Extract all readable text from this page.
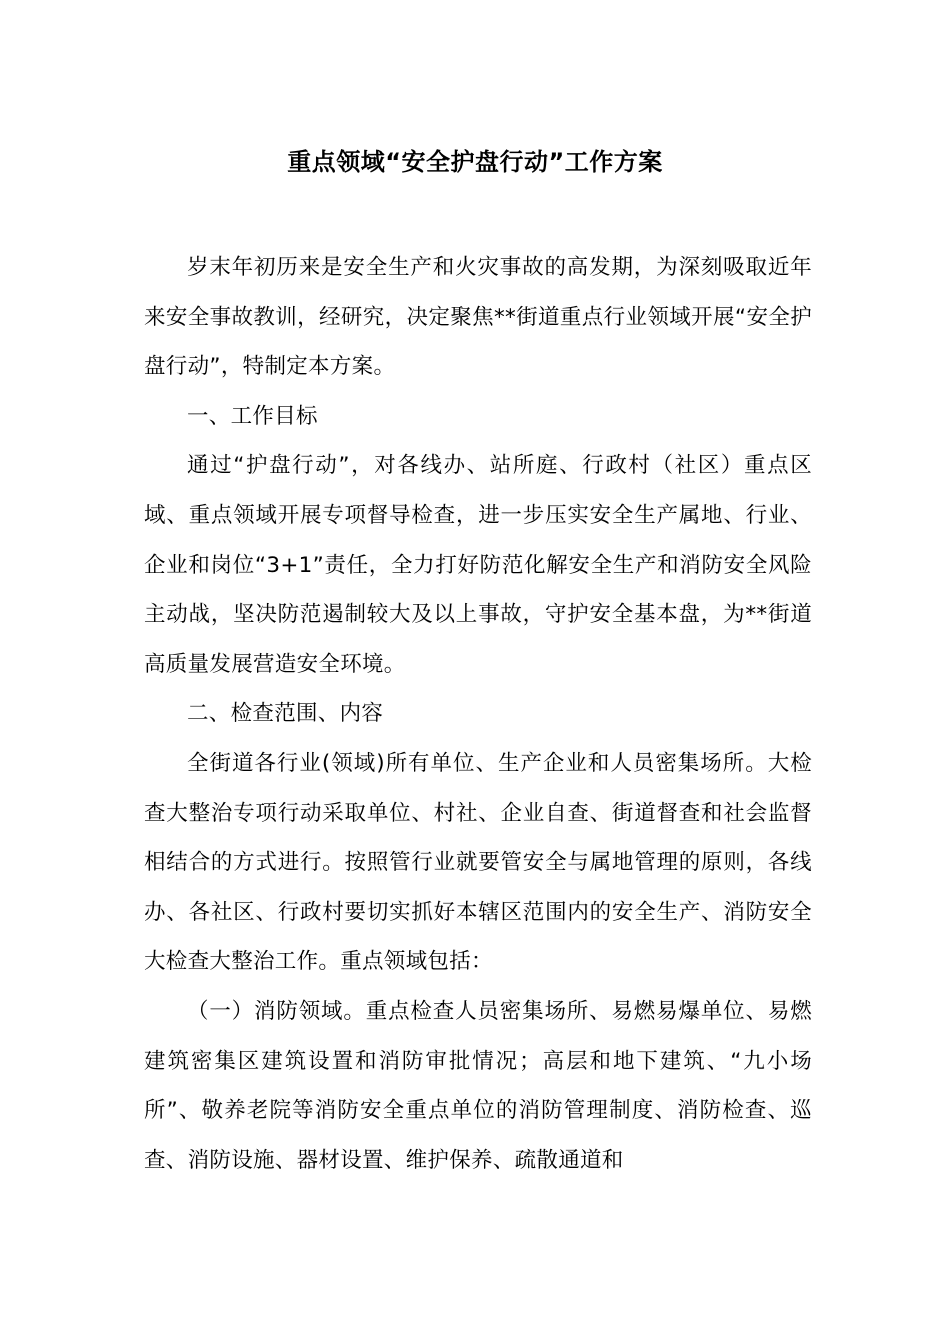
重点领域“安全护盘行动”工作方案

岁末年初历来是安全生产和火灾事故的高发期，为深刻吸取近年来安全事故教训，经研究，决定聚焦**街道重点行业领域开展“安全护盘行动”，特制定本方案。

一、工作目标

通过“护盘行动”，对各线办、站所庭、行政村（社区）重点区域、重点领域开展专项督导检查，进一步压实安全生产属地、行业、企业和岗位“3+1”责任，全力打好防范化解安全生产和消防安全风险主动战，坚决防范遏制较大及以上事故，守护安全基本盘，为**街道高质量发展营造安全环境。

二、检查范围、内容

全街道各行业(领域)所有单位、生产企业和人员密集场所。大检查大整治专项行动采取单位、村社、企业自查、街道督查和社会监督相结合的方式进行。按照管行业就要管安全与属地管理的原则，各线办、各社区、行政村要切实抓好本辖区范围内的安全生产、消防安全大检查大整治工作。重点领域包括：

（一）消防领域。重点检查人员密集场所、易燃易爆单位、易燃建筑密集区建筑设置和消防审批情况；高层和地下建筑、“九小场所”、敬养老院等消防安全重点单位的消防管理制度、消防检查、巡查、消防设施、器材设置、维护保养、疏散通道和
